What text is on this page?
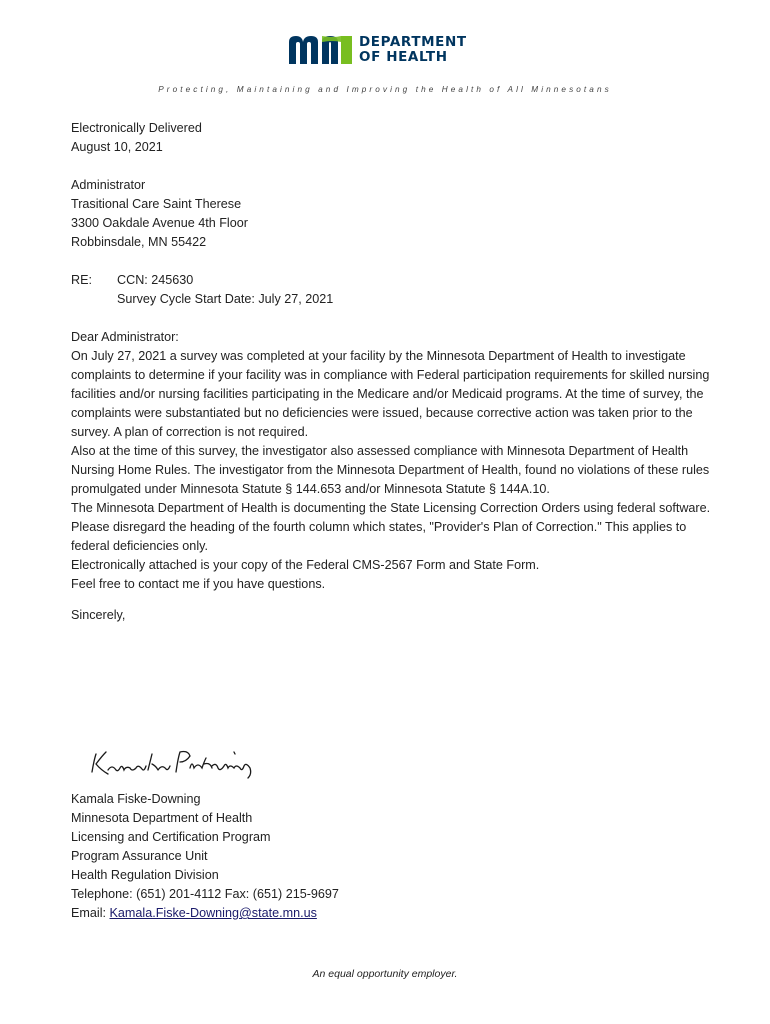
DEPARTMENT
OF HEALTH
Protecting, Maintaining and Improving the Health of All Minnesotans

Electronically Delivered

August 10, 2021

Administrator

Trasitional Care Saint Therese

3300 Oakdale Avenue 4th Floor

Robbinsdale, MN 55422

RE:	CCN: 245630

Survey Cycle Start Date: July 27, 2021

Dear Administrator:

On July 27, 2021 a survey was completed at your facility by the Minnesota Department of Health to investigate complaints to determine if your facility was in compliance with Federal participation requirements for skilled nursing facilities and/or nursing facilities participating in the Medicare and/or Medicaid programs. At the time of survey, the complaints were substantiated but no deficiencies were issued, because corrective action was taken prior to the survey. A plan of correction is not required.

Also at the time of this survey, the investigator also assessed compliance with Minnesota Department of Health Nursing Home Rules. The investigator from the Minnesota Department of Health, found no violations of these rules promulgated under Minnesota Statute § 144.653 and/or Minnesota Statute § 144A.10.

The Minnesota Department of Health is documenting the State Licensing Correction Orders using federal software. Please disregard the heading of the fourth column which states, "Provider's Plan of Correction." This applies to federal deficiencies only.

Electronically attached is your copy of the Federal CMS-2567 Form and State Form.

Feel free to contact me if you have questions.

Sincerely,

Kamala Fiske-Downing

Minnesota Department of Health

Licensing and Certification Program

Program Assurance Unit

Health Regulation Division

Telephone: (651) 201-4112 Fax: (651) 215-9697

Email: Kamala.Fiske-Downing@state.mn.us

An equal opportunity employer.
